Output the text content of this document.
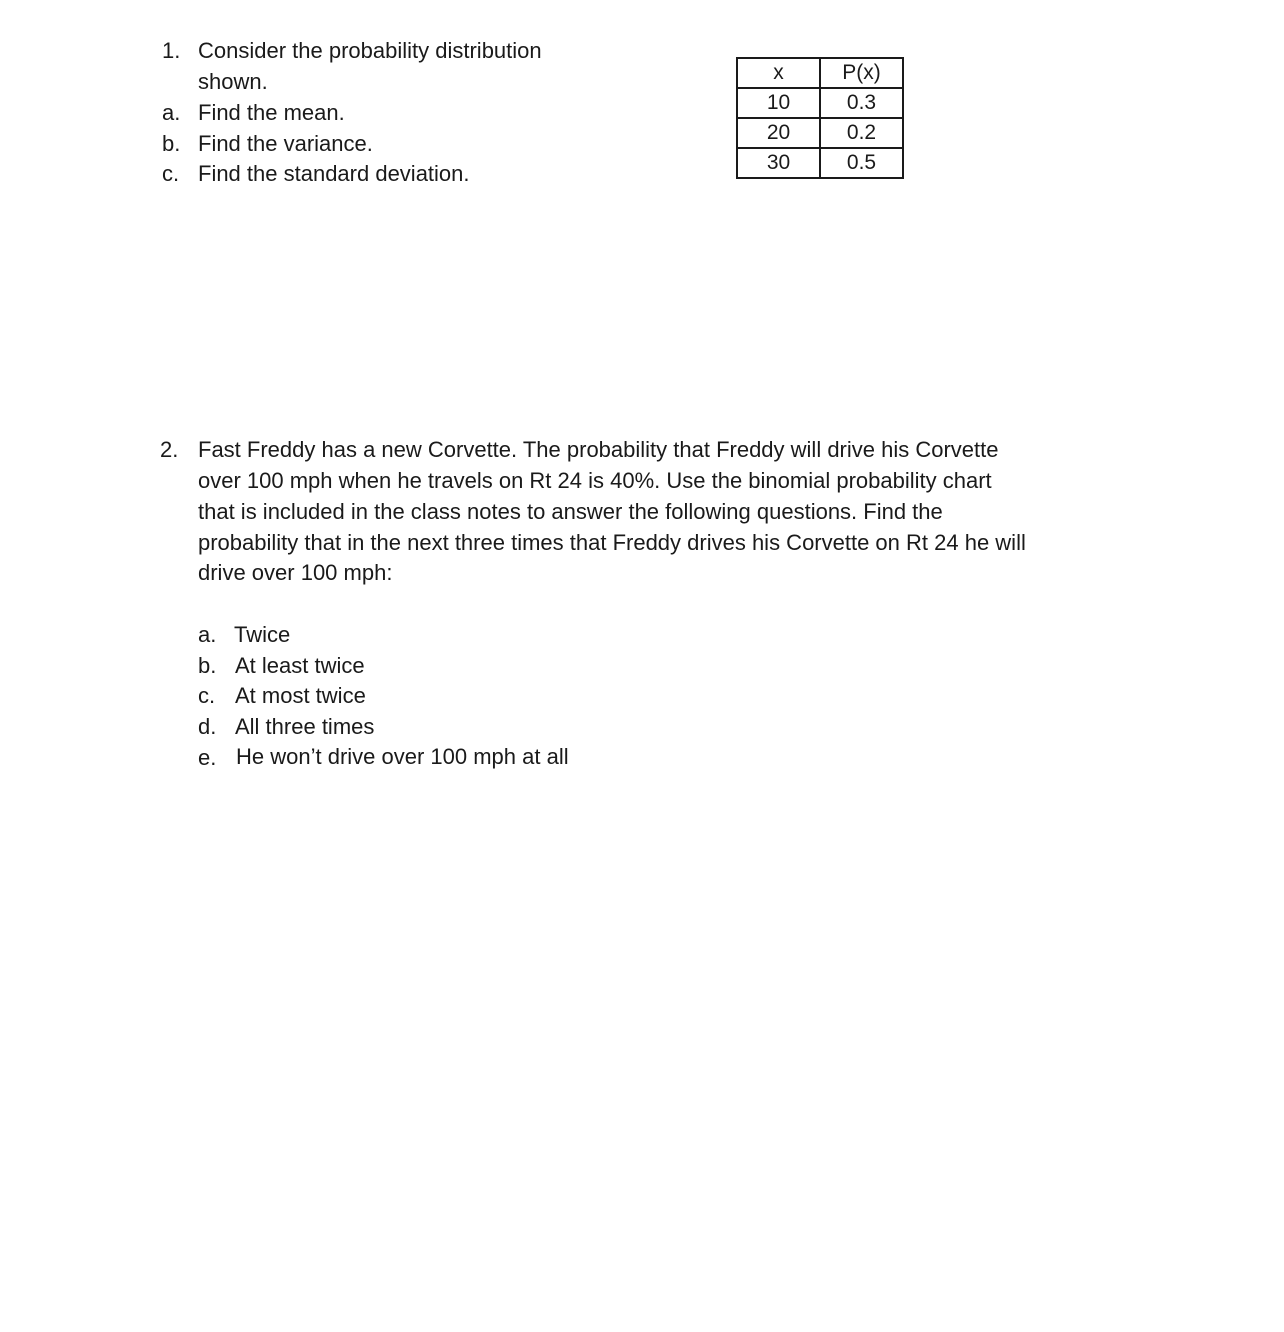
1. Consider the probability distribution
shown.
a. Find the mean.
b. Find the variance.
c. Find the standard deviation.
x	P(x)
10	0.3
20	0.2
30	0.5
2. Fast Freddy has a new Corvette. The probability that Freddy will drive his Corvette
over 100 mph when he travels on Rt 24 is 40%. Use the binomial probability chart
that is included in the class notes to answer the following questions. Find the
probability that in the next three times that Freddy drives his Corvette on Rt 24 he will
drive over 100 mph:
a. Twice
b. At least twice
c. At most twice
d. All three times
e. He won’t drive over 100 mph at all
